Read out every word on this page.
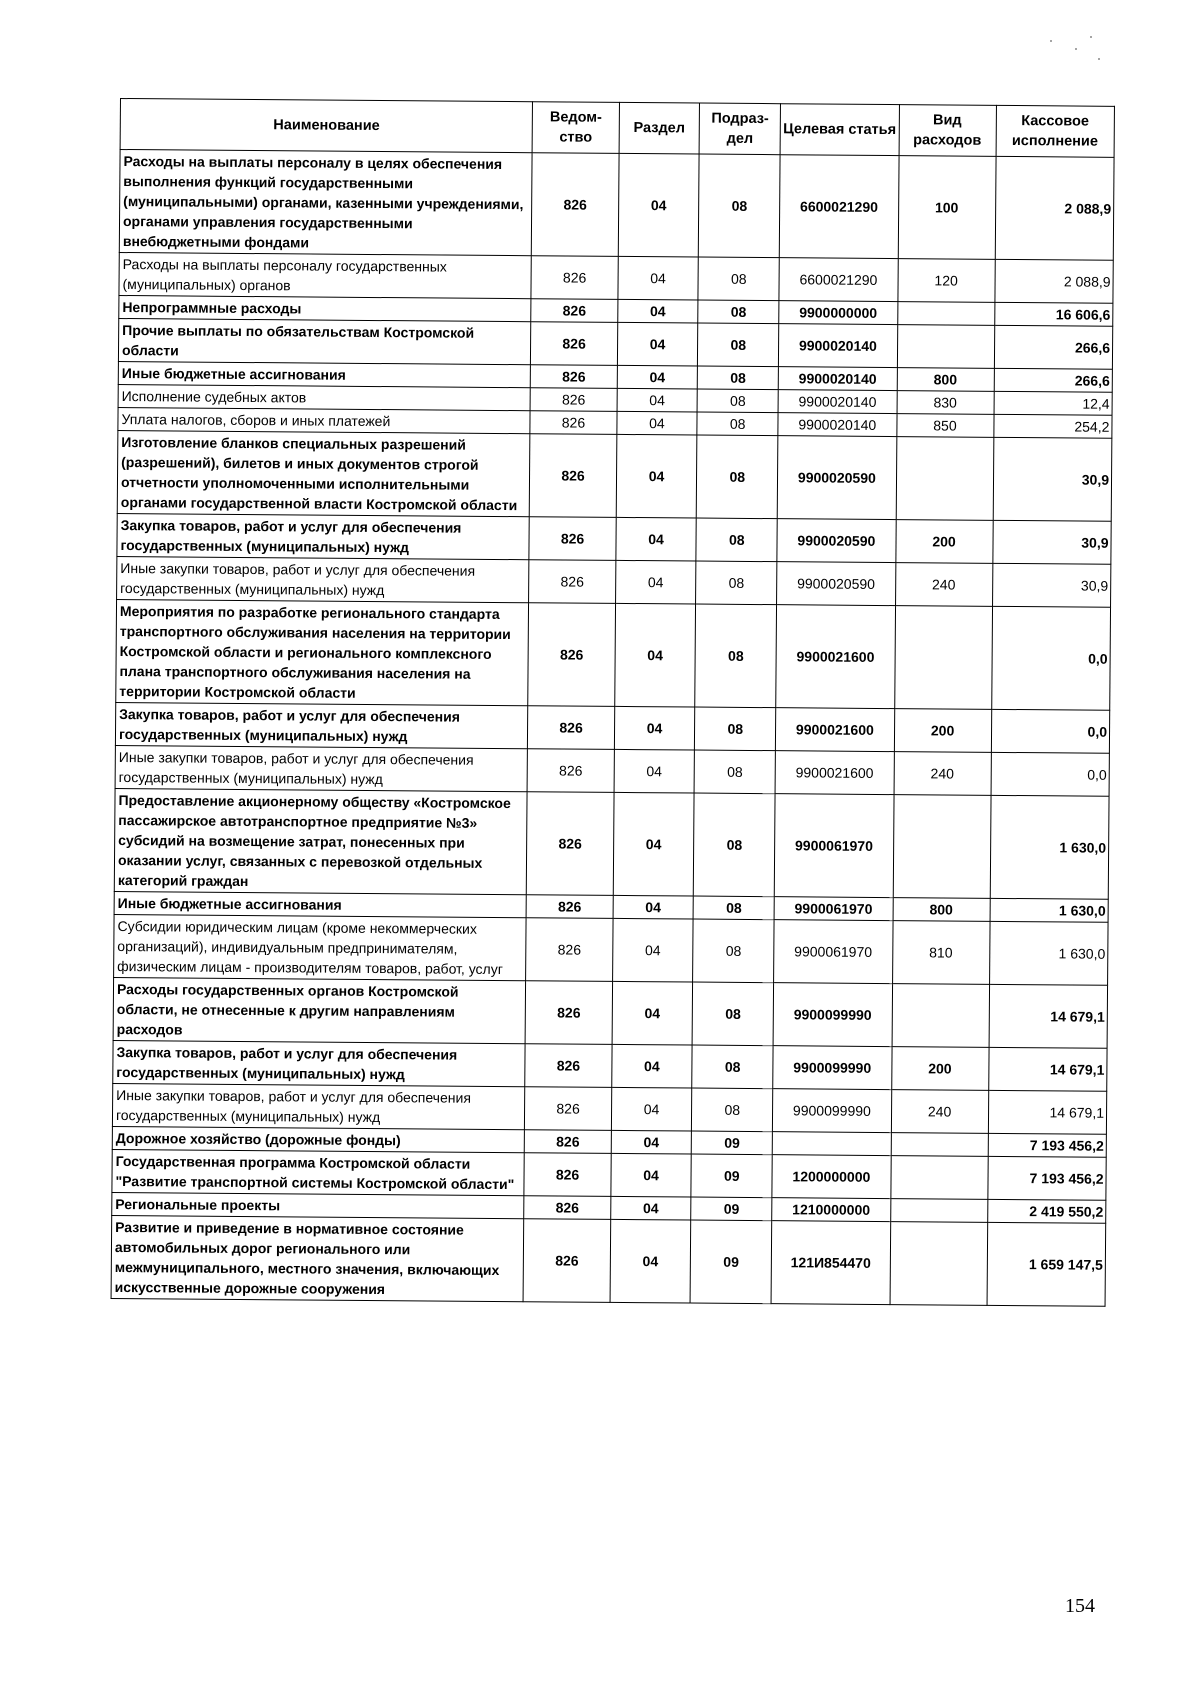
Наименование	Ведом-ство	Раздел	Подраз-дел	Целевая статья	Вид расходов	Кассовое исполнение
Расходы на выплаты персоналу в целях обеспечения выполнения функций государственными (муниципальными) органами, казенными учреждениями, органами управления государственными внебюджетными фондами	826	04	08	6600021290	100	2 088,9
Расходы на выплаты персоналу государственных (муниципальных) органов	826	04	08	6600021290	120	2 088,9
Непрограммные расходы	826	04	08	9900000000		16 606,6
Прочие выплаты по обязательствам Костромской области	826	04	08	9900020140		266,6
Иные бюджетные ассигнования	826	04	08	9900020140	800	266,6
Исполнение судебных актов	826	04	08	9900020140	830	12,4
Уплата налогов, сборов и иных платежей	826	04	08	9900020140	850	254,2
Изготовление бланков специальных разрешений (разрешений), билетов и иных документов строгой отчетности уполномоченными исполнительными органами государственной власти Костромской области	826	04	08	9900020590		30,9
Закупка товаров, работ и услуг для обеспечения государственных (муниципальных) нужд	826	04	08	9900020590	200	30,9
Иные закупки товаров, работ и услуг для обеспечения государственных (муниципальных) нужд	826	04	08	9900020590	240	30,9
Мероприятия по разработке регионального стандарта транспортного обслуживания населения на территории Костромской области и регионального комплексного плана транспортного обслуживания населения на территории Костромской области	826	04	08	9900021600		0,0
Закупка товаров, работ и услуг для обеспечения государственных (муниципальных) нужд	826	04	08	9900021600	200	0,0
Иные закупки товаров, работ и услуг для обеспечения государственных (муниципальных) нужд	826	04	08	9900021600	240	0,0
Предоставление акционерному обществу «Костромское пассажирское автотранспортное предприятие №3» субсидий на возмещение затрат, понесенных при оказании услуг, связанных с перевозкой отдельных категорий граждан	826	04	08	9900061970		1 630,0
Иные бюджетные ассигнования	826	04	08	9900061970	800	1 630,0
Субсидии юридическим лицам (кроме некоммерческих организаций), индивидуальным предпринимателям, физическим лицам - производителям товаров, работ, услуг	826	04	08	9900061970	810	1 630,0
Расходы государственных органов Костромской области, не отнесенные к другим направлениям расходов	826	04	08	9900099990		14 679,1
Закупка товаров, работ и услуг для обеспечения государственных (муниципальных) нужд	826	04	08	9900099990	200	14 679,1
Иные закупки товаров, работ и услуг для обеспечения государственных (муниципальных) нужд	826	04	08	9900099990	240	14 679,1
Дорожное хозяйство (дорожные фонды)	826	04	09			7 193 456,2
Государственная программа Костромской области "Развитие транспортной системы Костромской области"	826	04	09	1200000000		7 193 456,2
Региональные проекты	826	04	09	1210000000		2 419 550,2
Развитие и приведение в нормативное состояние автомобильных дорог регионального или межмуниципального, местного значения, включающих искусственные дорожные сооружения	826	04	09	121И854470		1 659 147,5
154
